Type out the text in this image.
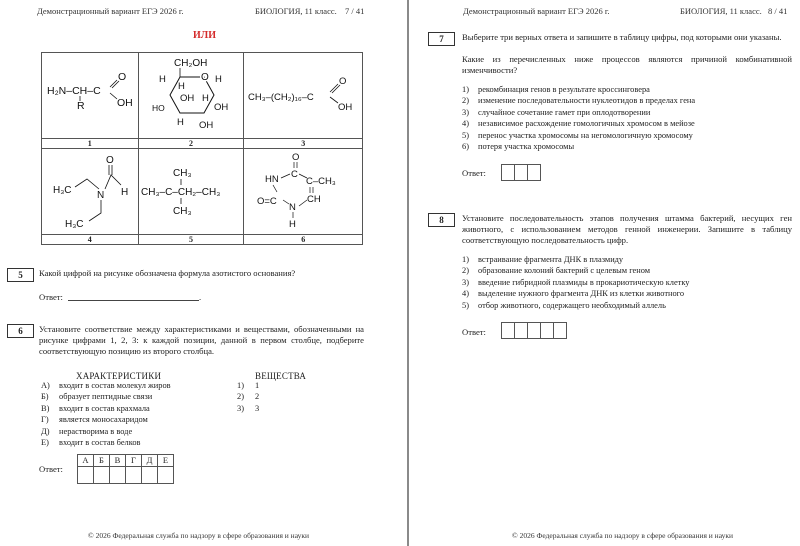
Демонстрационный вариант ЕГЭ 2026 г.	БИОЛОГИЯ, 11 класс. 7 / 41
ИЛИ
H₂N–CH–C
R
O
OH

CH₂OH
O
H
H
OH H
H
HO	OH
H OH

CH₃–(CH₂)₁₆–C
O
OH

1	2	3

H₃C	N
O
H
H₃C

CH₃
CH₃–C–CH₂–CH₃
CH₃

O
C
HN	C–CH₃
CH
O=C
N
H

4	5	6
5	Какой цифрой на рисунке обозначена формула азотистого основания?
Ответ:	.
6	Установите соответствие между характеристиками и веществами, обозначенными на рисунке цифрами 1, 2, 3: к каждой позиции, данной в первом столбце, подберите соответствующую позицию из второго столбца.
ХАРАКТЕРИСТИКИ	ВЕЩЕСТВА
А)	входит в состав молекул жиров
Б)	образует пептидные связи
В)	входит в состав крахмала
Г)	является моносахаридом
Д)	нерастворима в воде
Е)	входит в состав белков
1)	1
2)	2
3)	3
Ответ:
А	Б	В	Г	Д	Е

© 2026 Федеральная служба по надзору в сфере образования и науки
Демонстрационный вариант ЕГЭ 2026 г.	БИОЛОГИЯ, 11 класс. 8 / 41
7	Выберите три верных ответа и запишите в таблицу цифры, под которыми они указаны.
Какие из перечисленных ниже процессов являются причиной комбинативной изменчивости?
1)	рекомбинация генов в результате кроссинговера
2)	изменение последовательности нуклеотидов в пределах гена
3)	случайное сочетание гамет при оплодотворении
4)	независимое расхождение гомологичных хромосом в мейозе
5)	перенос участка хромосомы на негомологичную хромосому
6)	потеря участка хромосомы
Ответ:
8	Установите последовательность этапов получения штамма бактерий, несущих ген животного, с использованием методов генной инженерии. Запишите в таблицу соответствующую последовательность цифр.
1)	встраивание фрагмента ДНК в плазмиду
2)	образование колоний бактерий с целевым геном
3)	введение гибридной плазмиды в прокариотическую клетку
4)	выделение нужного фрагмента ДНК из клетки животного
5)	отбор животного, содержащего необходимый аллель
Ответ:
© 2026 Федеральная служба по надзору в сфере образования и науки
